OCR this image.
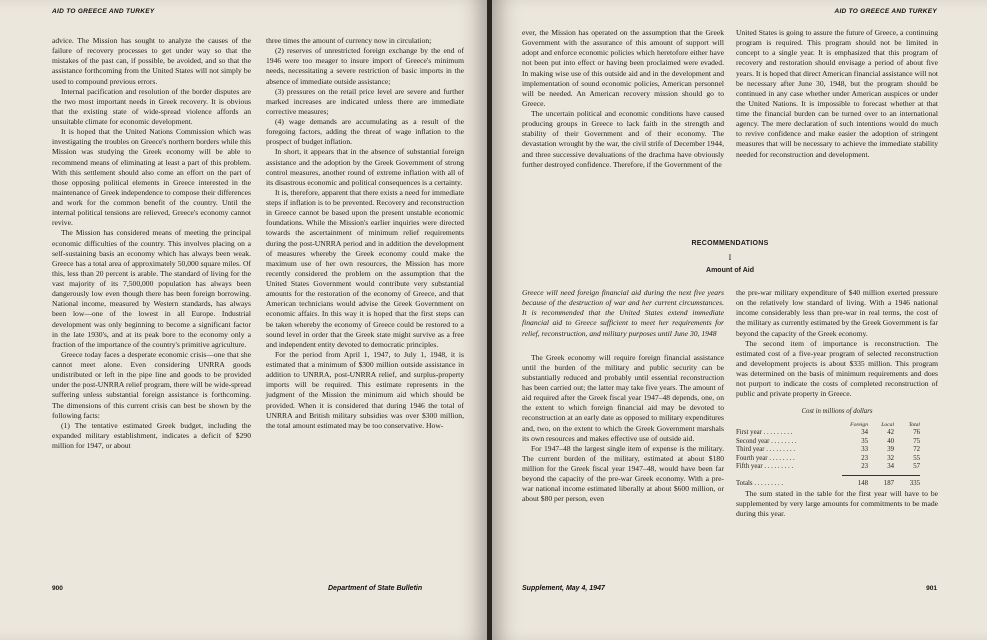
AID TO GREECE AND TURKEY

advice. The Mission has sought to analyze the causes of the failure of recovery processes to get under way so that the mistakes of the past can, if possible, be avoided, and so that the assistance forthcoming from the United States will not simply be used to compound previous errors.

Internal pacification and resolution of the border disputes are the two most important needs in Greek recovery. It is obvious that the existing state of wide-spread violence affords an unsuitable climate for economic development.

It is hoped that the United Nations Commission which was investigating the troubles on Greece's northern borders while this Mission was studying the Greek economy will be able to recommend means of eliminating at least a part of this problem. With this settlement should also come an effort on the part of those opposing political elements in Greece interested in the maintenance of Greek independence to compose their differences and work for the common benefit of the country. Until the internal political tensions are relieved, Greece's economy cannot revive.

The Mission has considered means of meeting the principal economic difficulties of the country. This involves placing on a self-sustaining basis an economy which has always been weak. Greece has a total area of approximately 50,000 square miles. Of this, less than 20 percent is arable. The standard of living for the vast majority of its 7,500,000 population has always been dangerously low even though there has been foreign borrowing. National income, measured by Western standards, has always been low—one of the lowest in all Europe. Industrial development was only beginning to become a significant factor in the late 1930's, and at its peak bore to the economy only a fraction of the importance of the country's primitive agriculture.

Greece today faces a desperate economic crisis—one that she cannot meet alone. Even considering UNRRA goods undistributed or left in the pipe line and goods to be provided under the post-UNRRA relief program, there will be wide-spread suffering unless substantial foreign assistance is forthcoming. The dimensions of this current crisis can best be shown by the following facts:

(1) The tentative estimated Greek budget, including the expanded military establishment, indicates a deficit of $290 million for 1947, or about

three times the amount of currency now in circulation;

(2) reserves of unrestricted foreign exchange by the end of 1946 were too meager to insure import of Greece's minimum needs, necessitating a severe restriction of basic imports in the absence of immediate outside assistance;

(3) pressures on the retail price level are severe and further marked increases are indicated unless there are immediate corrective measures;

(4) wage demands are accumulating as a result of the foregoing factors, adding the threat of wage inflation to the prospect of budget inflation.

In short, it appears that in the absence of substantial foreign assistance and the adoption by the Greek Government of strong control measures, another round of extreme inflation with all of its disastrous economic and political consequences is a certainty.

It is, therefore, apparent that there exists a need for immediate steps if inflation is to be prevented. Recovery and reconstruction in Greece cannot be based upon the present unstable economic foundations. While the Mission's earlier inquiries were directed towards the ascertainment of minimum relief requirements during the post-UNRRA period and in addition the development of measures whereby the Greek economy could make the maximum use of her own resources, the Mission has more recently considered the problem on the assumption that the United States Government would contribute very substantial amounts for the restoration of the economy of Greece, and that American technicians would advise the Greek Government on economic affairs. In this way it is hoped that the first steps can be taken whereby the economy of Greece could be restored to a sound level in order that the Greek state might survive as a free and independent entity devoted to democratic principles.

For the period from April 1, 1947, to July 1, 1948, it is estimated that a minimum of $300 million outside assistance in addition to UNRRA, post-UNRRA relief, and surplus-property imports will be required. This estimate represents in the judgment of the Mission the minimum aid which should be provided. When it is considered that during 1946 the total of UNRRA and British military subsidies was over $300 million, the total amount estimated may be too conservative. How-

900	Department of State Bulletin
AID TO GREECE AND TURKEY

ever, the Mission has operated on the assumption that the Greek Government with the assurance of this amount of support will adopt and enforce economic policies which heretofore either have not been put into effect or having been proclaimed were evaded. In making wise use of this outside aid and in the development and implementation of sound economic policies, American personnel will be needed. An American recovery mission should go to Greece.

The uncertain political and economic conditions have caused producing groups in Greece to lack faith in the strength and stability of their Government and of their economy. The devastation wrought by the war, the civil strife of December 1944, and three successive devaluations of the drachma have obviously further destroyed confidence. Therefore, if the Government of the

United States is going to assure the future of Greece, a continuing program is required. This program should not be limited in concept to a single year. It is emphasized that this program of recovery and restoration should envisage a period of about five years. It is hoped that direct American financial assistance will not be necessary after June 30, 1948, but the program should be continued in any case whether under American auspices or under the United Nations. It is impossible to forecast whether at that time the financial burden can be turned over to an international agency. The mere declaration of such intentions would do much to revive confidence and make easier the adoption of stringent measures that will be necessary to achieve the immediate stability needed for reconstruction and development.

RECOMMENDATIONS
I
Amount of Aid

Greece will need foreign financial aid during the next five years because of the destruction of war and her current circumstances. It is recommended that the United States extend immediate financial aid to Greece sufficient to meet her requirements for relief, reconstruction, and military purposes until June 30, 1948

The Greek economy will require foreign financial assistance until the burden of the military and public security can be substantially reduced and probably until essential reconstruction has been carried out; the latter may take five years. The amount of aid required after the Greek fiscal year 1947–48 depends, one, on the extent to which foreign financial aid may be devoted to reconstruction at an early date as opposed to military expenditures and, two, on the extent to which the Greek Government marshals its own resources and makes effective use of outside aid.

For 1947–48 the largest single item of expense is the military. The current burden of the military, estimated at about $180 million for the Greek fiscal year 1947–48, would have been far beyond the capacity of the pre-war Greek economy. With a pre-war national income estimated liberally at about $600 million, or about $80 per person, even

the pre-war military expenditure of $40 million exerted pressure on the relatively low standard of living. With a 1946 national income considerably less than pre-war in real terms, the cost of the military as currently estimated by the Greek Government is far beyond the capacity of the Greek economy.

The second item of importance is reconstruction. The estimated cost of a five-year program of selected reconstruction and development projects is about $335 million. This program was determined on the basis of minimum requirements and does not purport to indicate the costs of completed reconstruction of public and private property in Greece.

Cost in millions of dollars
	Foreign	Local	Total
First year . . . . . . . . .	34	42	76
Second year . . . . . . . .	35	40	75
Third year . . . . . . . . .	33	39	72
Fourth year . . . . . . . .	23	32	55
Fifth year . . . . . . . . .	23	34	57

Totals . . . . . . . . .	148	187	335

The sum stated in the table for the first year will have to be supplemented by very large amounts for commitments to be made during this year.

Supplement, May 4, 1947	901
